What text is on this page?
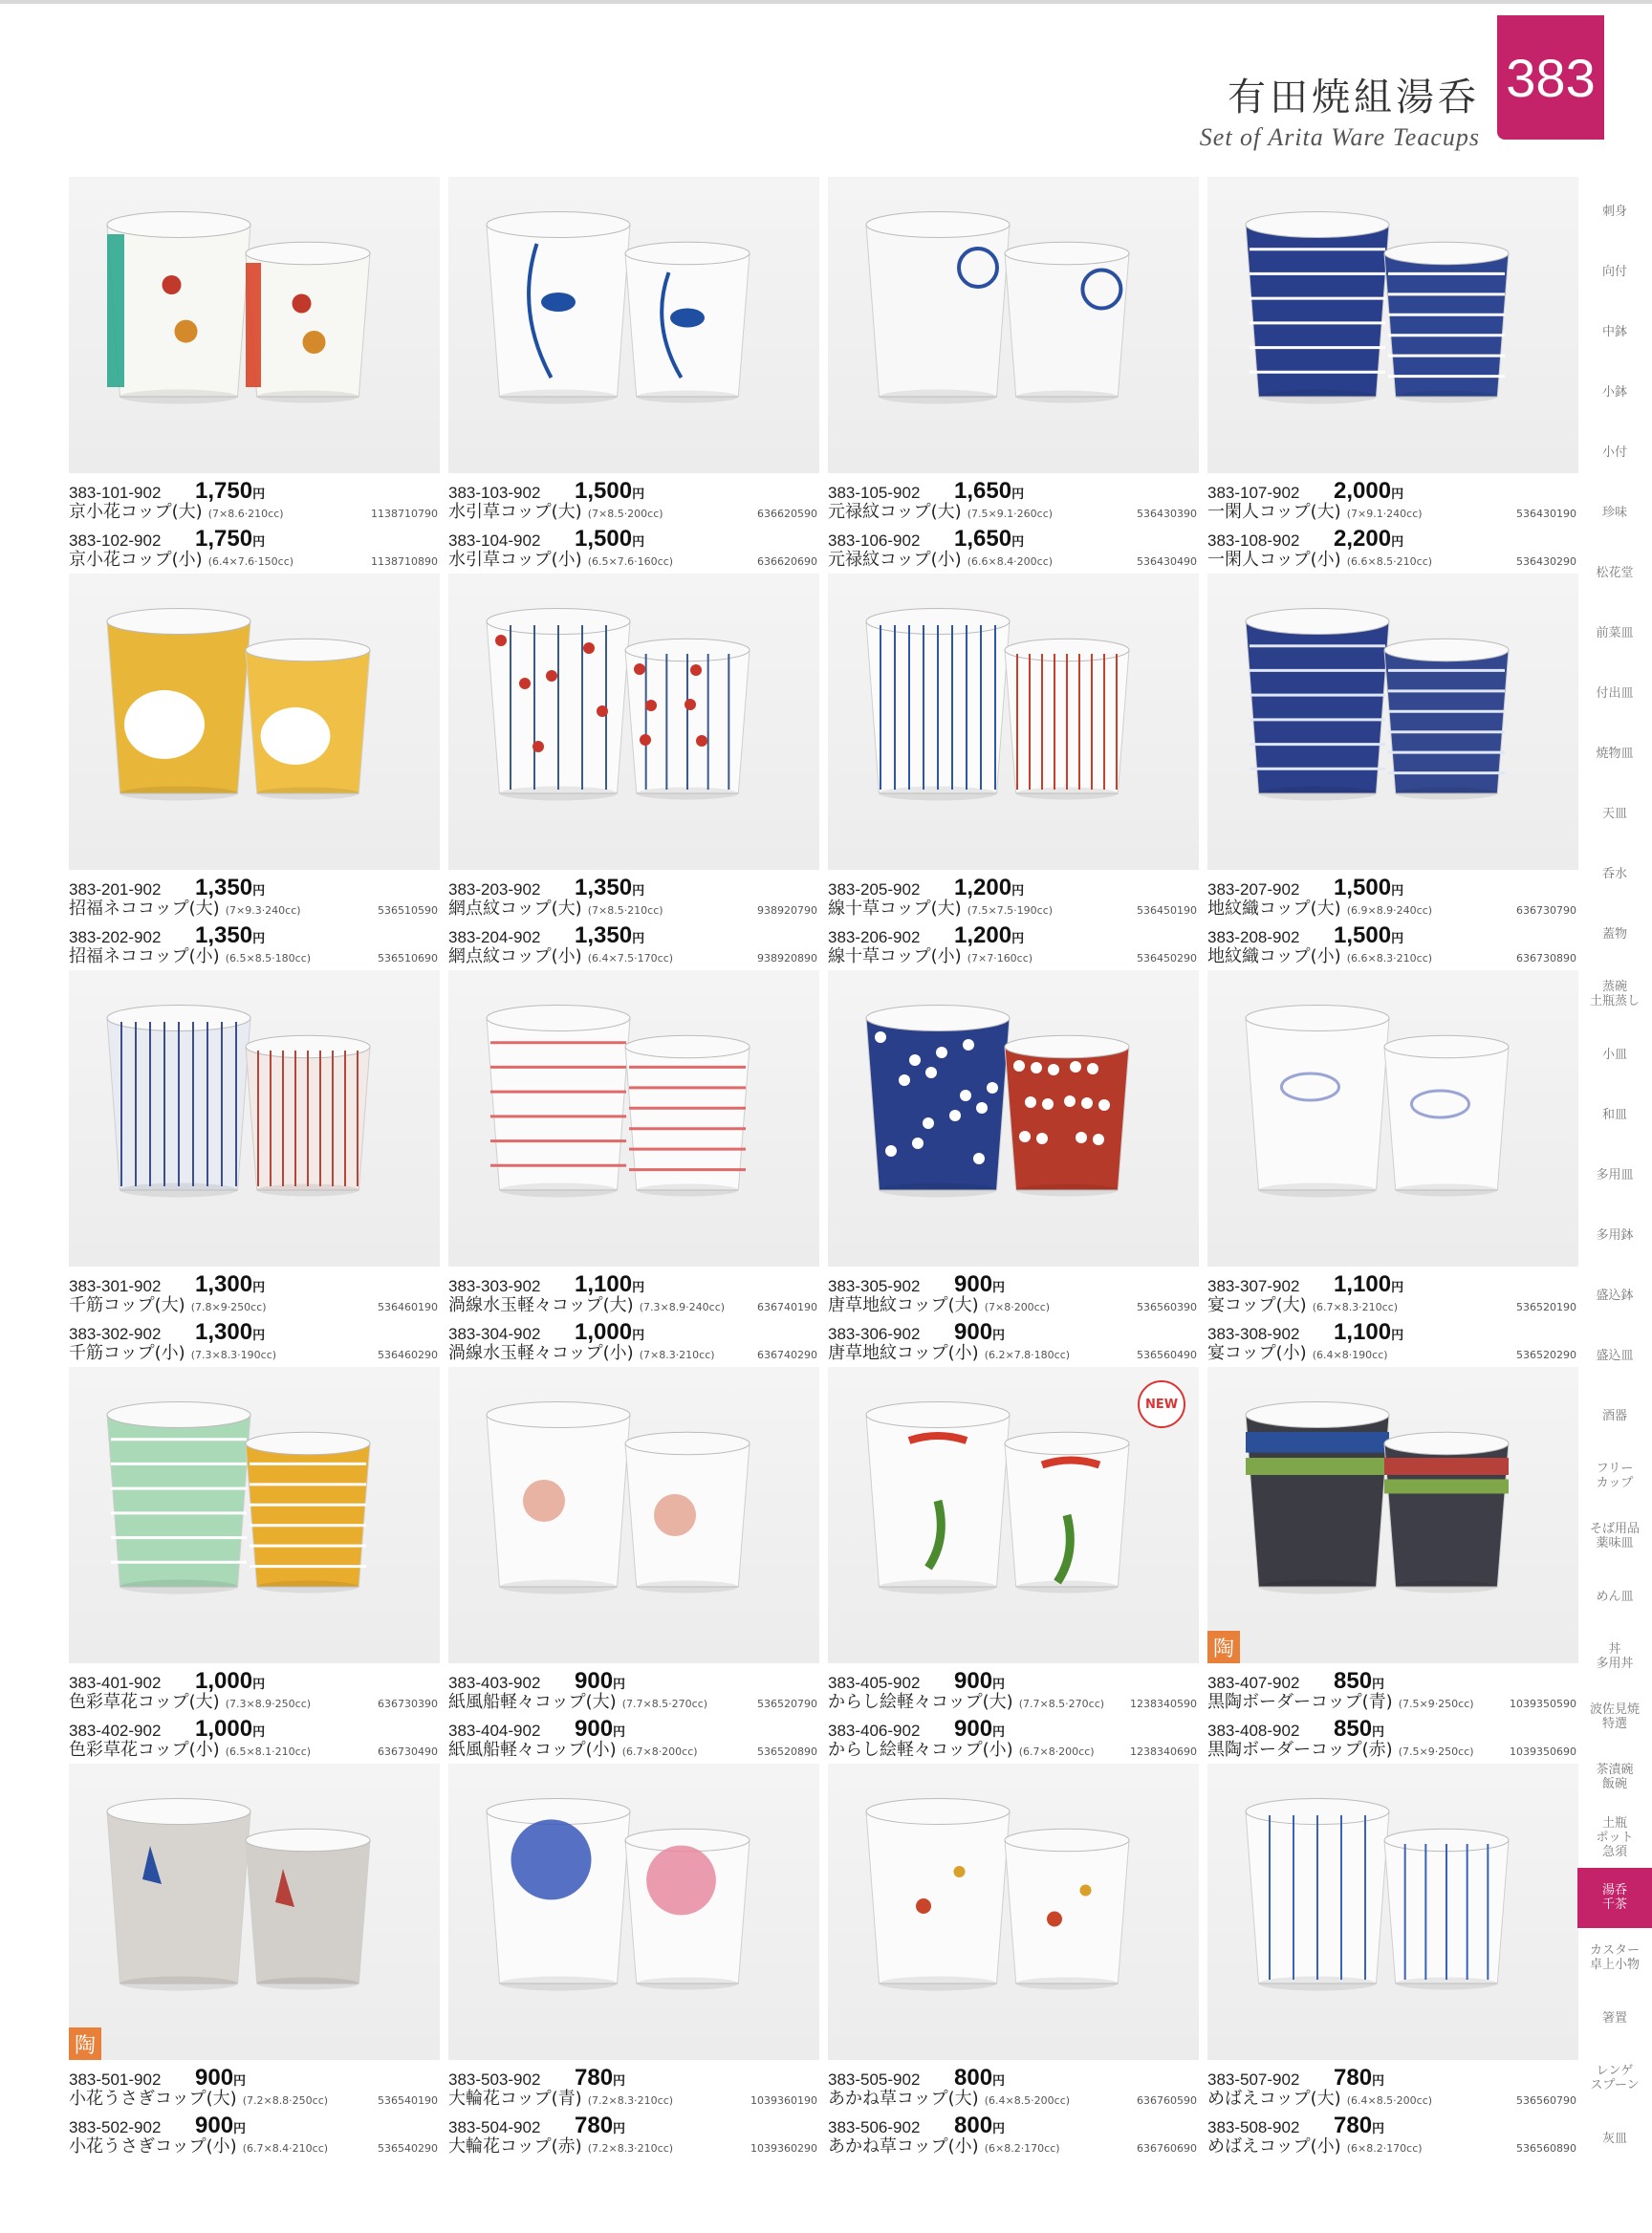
有田焼組湯呑
Set of Arita Ware Teacups
383
383-101-902	1,750円
京小花コップ(大) (7×8.6·210cc)	1138710790
383-102-902	1,750円
京小花コップ(小) (6.4×7.6·150cc)	1138710890
383-103-902	1,500円
水引草コップ(大) (7×8.5·200cc)	636620590
383-104-902	1,500円
水引草コップ(小) (6.5×7.6·160cc)	636620690
383-105-902	1,650円
元禄紋コップ(大) (7.5×9.1·260cc)	536430390
383-106-902	1,650円
元禄紋コップ(小) (6.6×8.4·200cc)	536430490
383-107-902	2,000円
一閑人コップ(大) (7×9.1·240cc)	536430190
383-108-902	2,200円
一閑人コップ(小) (6.6×8.5·210cc)	536430290
383-201-902	1,350円
招福ネココップ(大) (7×9.3·240cc)	536510590
383-202-902	1,350円
招福ネココップ(小) (6.5×8.5·180cc)	536510690
383-203-902	1,350円
網点紋コップ(大) (7×8.5·210cc)	938920790
383-204-902	1,350円
網点紋コップ(小) (6.4×7.5·170cc)	938920890
383-205-902	1,200円
線十草コップ(大) (7.5×7.5·190cc)	536450190
383-206-902	1,200円
線十草コップ(小) (7×7·160cc)	536450290
383-207-902	1,500円
地紋織コップ(大) (6.9×8.9·240cc)	636730790
383-208-902	1,500円
地紋織コップ(小) (6.6×8.3·210cc)	636730890
383-301-902	1,300円
千筋コップ(大) (7.8×9·250cc)	536460190
383-302-902	1,300円
千筋コップ(小) (7.3×8.3·190cc)	536460290
383-303-902	1,100円
渦線水玉軽々コップ(大) (7.3×8.9·240cc)	636740190
383-304-902	1,000円
渦線水玉軽々コップ(小) (7×8.3·210cc)	636740290
383-305-902	900円
唐草地紋コップ(大) (7×8·200cc)	536560390
383-306-902	900円
唐草地紋コップ(小) (6.2×7.8·180cc)	536560490
383-307-902	1,100円
宴コップ(大) (6.7×8.3·210cc)	536520190
383-308-902	1,100円
宴コップ(小) (6.4×8·190cc)	536520290
383-401-902	1,000円
色彩草花コップ(大) (7.3×8.9·250cc)	636730390
383-402-902	1,000円
色彩草花コップ(小) (6.5×8.1·210cc)	636730490
383-403-902	900円
紙風船軽々コップ(大) (7.7×8.5·270cc)	536520790
383-404-902	900円
紙風船軽々コップ(小) (6.7×8·200cc)	536520890
NEW
383-405-902	900円
からし絵軽々コップ(大) (7.7×8.5·270cc) 1238340590
383-406-902	900円
からし絵軽々コップ(小) (6.7×8·200cc)	1238340690
陶
383-407-902	850円
黒陶ボーダーコップ(青) (7.5×9·250cc)	1039350590
383-408-902	850円
黒陶ボーダーコップ(赤) (7.5×9·250cc)	1039350690
陶
383-501-902	900円
小花うさぎコップ(大) (7.2×8.8·250cc)	536540190
383-502-902	900円
小花うさぎコップ(小) (6.7×8.4·210cc)	536540290
383-503-902	780円
大輪花コップ(青) (7.2×8.3·210cc)	1039360190
383-504-902	780円
大輪花コップ(赤) (7.2×8.3·210cc)	1039360290
383-505-902	800円
あかね草コップ(大) (6.4×8.5·200cc)	636760590
383-506-902	800円
あかね草コップ(小) (6×8.2·170cc)	636760690
383-507-902	780円
めばえコップ(大) (6.4×8.5·200cc)	536560790
383-508-902	780円
めばえコップ(小) (6×8.2·170cc)	536560890
刺身
向付
中鉢
小鉢
小付
珍味
松花堂
前菜皿
付出皿
焼物皿
天皿
呑水
蓋物
蒸碗
土瓶蒸し
小皿
和皿
多用皿
多用鉢
盛込鉢
盛込皿
酒器
フリー
カップ
そば用品
薬味皿
めん皿
丼
多用丼
波佐見焼
特選
茶漬碗
飯碗
土瓶
ポット
急須
湯呑
千茶
カスター
卓上小物
箸置
レンゲ
スプーン
灰皿
